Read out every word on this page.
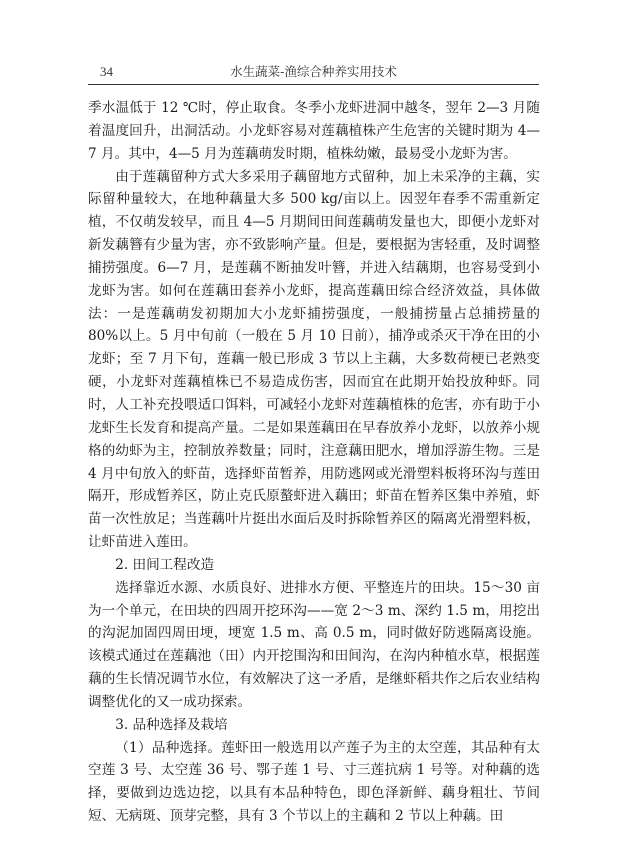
34	水生蔬菜-渔综合种养实用技术

季水温低于 12 ℃时，停止取食。冬季小龙虾进洞中越冬，翌年 2—3 月随着温度回升，出洞活动。小龙虾容易对莲藕植株产生危害的关键时期为 4—7 月。其中，4—5 月为莲藕萌发时期，植株幼嫩，最易受小龙虾为害。

由于莲藕留种方式大多采用子藕留地方式留种，加上未采净的主藕，实际留种量较大，在地种藕量大多 500 kg/亩以上。因翌年春季不需重新定植，不仅萌发较早，而且 4—5 月期间田间莲藕萌发量也大，即便小龙虾对新发藕簪有少量为害，亦不致影响产量。但是，要根据为害轻重，及时调整捕捞强度。6—7 月，是莲藕不断抽发叶簪，并进入结藕期，也容易受到小龙虾为害。如何在莲藕田套养小龙虾，提高莲藕田综合经济效益，具体做法：一是莲藕萌发初期加大小龙虾捕捞强度，一般捕捞量占总捕捞量的 80%以上。5 月中旬前（一般在 5 月 10 日前），捕净或杀灭干净在田的小龙虾；至 7 月下旬，莲藕一般已形成 3 节以上主藕，大多数荷梗已老熟变硬，小龙虾对莲藕植株已不易造成伤害，因而宜在此期开始投放种虾。同时，人工补充投喂适口饵料，可减轻小龙虾对莲藕植株的危害，亦有助于小龙虾生长发育和提高产量。二是如果莲藕田在早春放养小龙虾，以放养小规格的幼虾为主，控制放养数量；同时，注意藕田肥水，增加浮游生物。三是 4 月中旬放入的虾苗，选择虾苗暂养，用防逃网或光滑塑料板将环沟与莲田隔开，形成暂养区，防止克氏原螯虾进入藕田；虾苗在暂养区集中养殖，虾苗一次性放足；当莲藕叶片挺出水面后及时拆除暂养区的隔离光滑塑料板，让虾苗进入莲田。

2. 田间工程改造

选择靠近水源、水质良好、进排水方便、平整连片的田块。15～30 亩为一个单元，在田块的四周开挖环沟——宽 2～3 m、深约 1.5 m，用挖出的沟泥加固四周田埂，埂宽 1.5 m、高 0.5 m，同时做好防逃隔离设施。该模式通过在莲藕池（田）内开挖围沟和田间沟，在沟内种植水草，根据莲藕的生长情况调节水位，有效解决了这一矛盾，是继虾稻共作之后农业结构调整优化的又一成功探索。

3. 品种选择及栽培

（1）品种选择。莲虾田一般选用以产莲子为主的太空莲，其品种有太空莲 3 号、太空莲 36 号、鄂子莲 1 号、寸三莲抗病 1 号等。对种藕的选择，要做到边选边挖，以具有本品种特色，即色泽新鲜、藕身粗壮、节间短、无病斑、顶芽完整，具有 3 个节以上的主藕和 2 节以上种藕。田
